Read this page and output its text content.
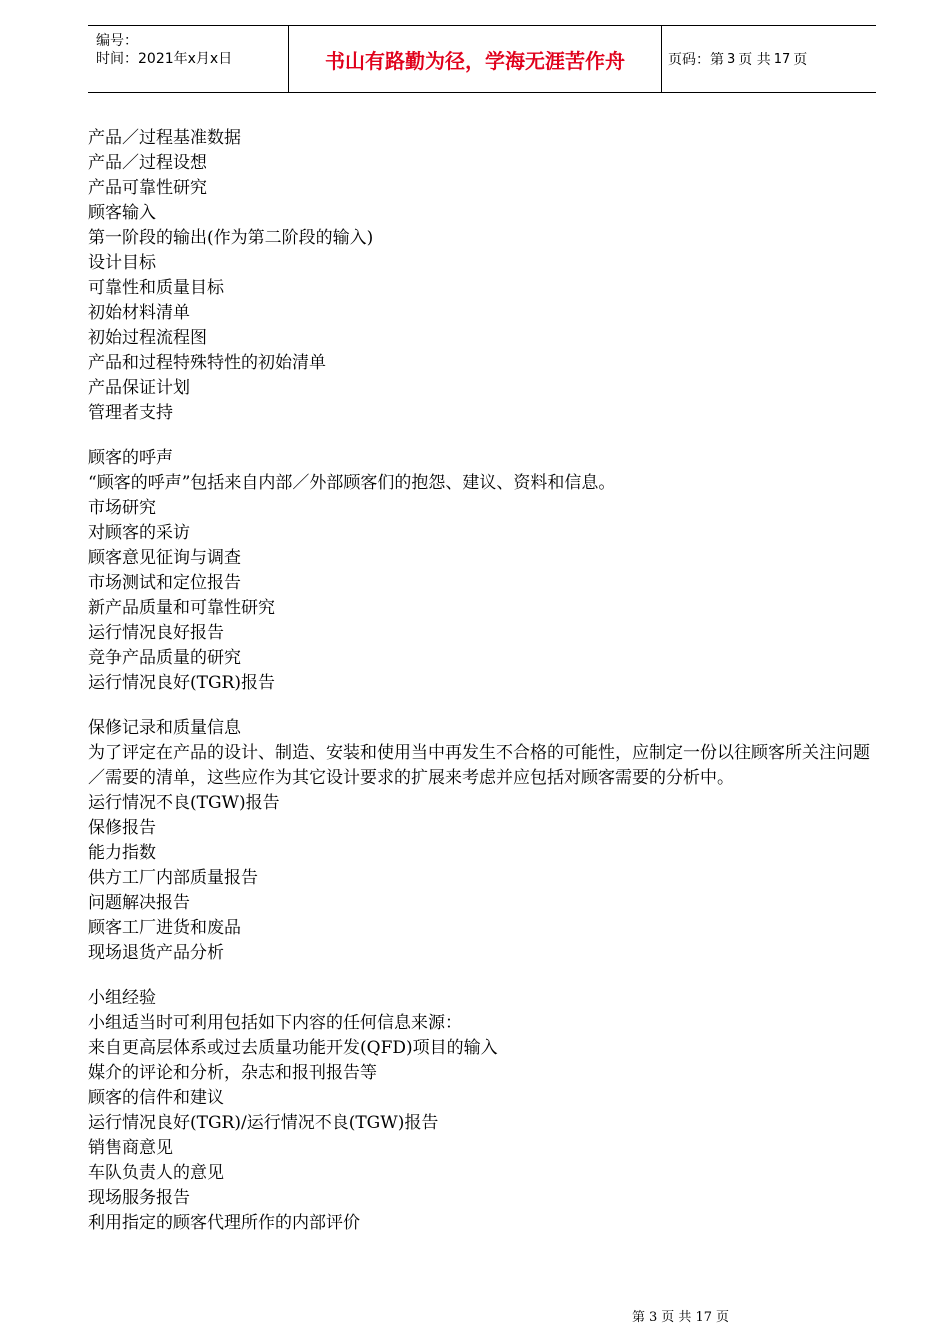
编号：
时间：2021年x月x日	书山有路勤为径，学海无涯苦作舟	页码：第 3 页 共 17 页

产品／过程基准数据

产品／过程设想

产品可靠性研究

顾客输入

第一阶段的输出(作为第二阶段的输入)

设计目标

可靠性和质量目标

初始材料清单

初始过程流程图

产品和过程特殊特性的初始清单

产品保证计划

管理者支持

顾客的呼声

“顾客的呼声”包括来自内部／外部顾客们的抱怨、建议、资料和信息。

市场研究

对顾客的采访

顾客意见征询与调查

市场测试和定位报告

新产品质量和可靠性研究

运行情况良好报告

竞争产品质量的研究

运行情况良好(TGR)报告

保修记录和质量信息

为了评定在产品的设计、制造、安装和使用当中再发生不合格的可能性，应制定一份以往顾客所关注问题／需要的清单，这些应作为其它设计要求的扩展来考虑并应包括对顾客需要的分析中。

运行情况不良(TGW)报告

保修报告

能力指数

供方工厂内部质量报告

问题解决报告

顾客工厂进货和废品

现场退货产品分析

小组经验

小组适当时可利用包括如下内容的任何信息来源：

来自更高层体系或过去质量功能开发(QFD)项目的输入

媒介的评论和分析，杂志和报刊报告等

顾客的信件和建议

运行情况良好(TGR)/运行情况不良(TGW)报告

销售商意见

车队负责人的意见

现场服务报告

利用指定的顾客代理所作的内部评价

第 3 页 共 17 页
